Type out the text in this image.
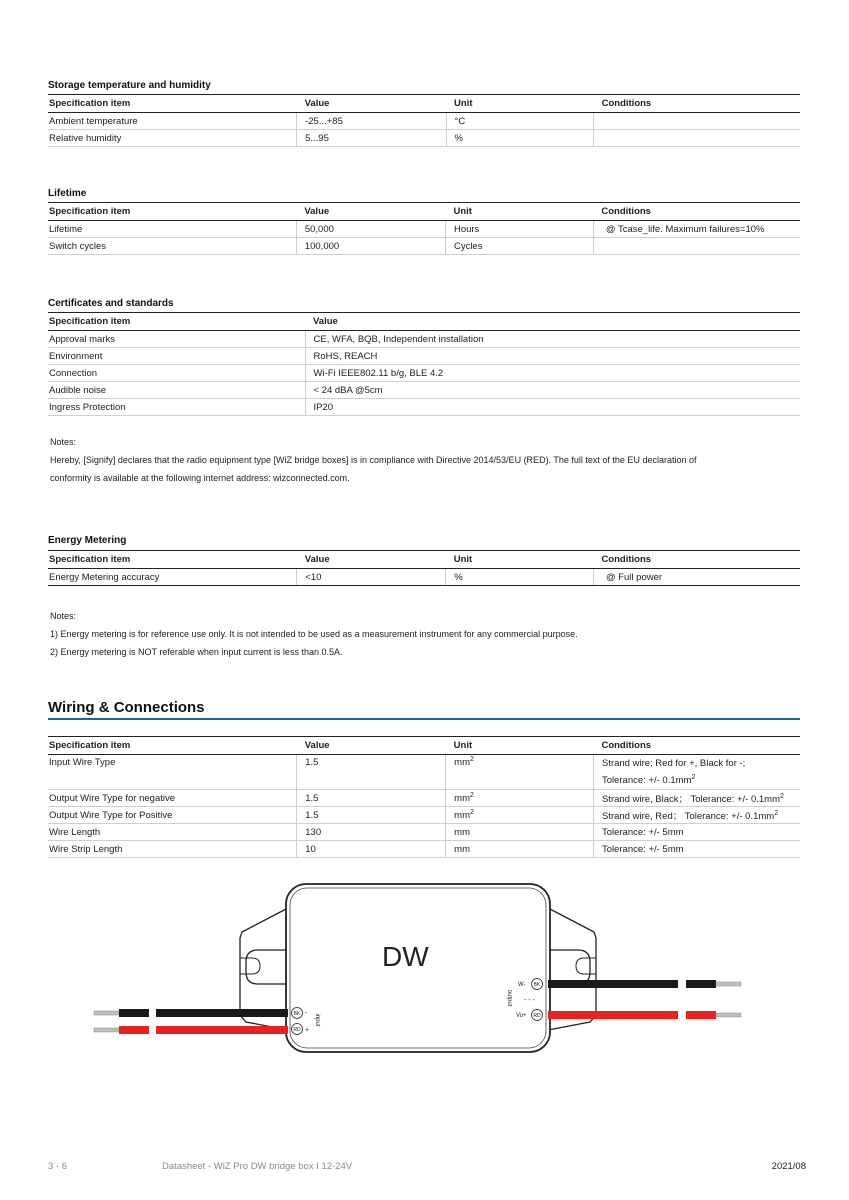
Storage temperature and humidity
Specification item	Value	Unit	Conditions
Ambient temperature	-25...+85	°C	
Relative humidity	5...95	%	
Lifetime
Specification item	Value	Unit	Conditions
Lifetime	50,000	Hours	@ Tcase_life. Maximum failures=10%
Switch cycles	100,000	Cycles	
Certificates and standards
Specification item	Value
Approval marks	CE, WFA, BQB, Independent installation
Environment	RoHS, REACH
Connection	Wi-Fi IEEE802.11 b/g, BLE 4.2
Audible noise	< 24 dBA @5cm
Ingress Protection	IP20

Notes:

Hereby, [Signify] declares that the radio equipment type [WiZ bridge boxes] is in compliance with Directive 2014/53/EU (RED). The full text of the EU declaration of

conformity is available at the following internet address: wizconnected.com.

Energy Metering
Specification item	Value	Unit	Conditions
Energy Metering accuracy	<10	%	@ Full power

Notes:

1) Energy metering is for reference use only. It is not intended to be used as a measurement instrument for any commercial purpose.

2) Energy metering is NOT referable when input current is less than 0.5A.

Wiring & Connections
Specification item	Value	Unit	Conditions
Input Wire Type	1.5	$mm^2$	Strand wire; Red for +, Black for -;
Tolerance: +/- $0.1mm^2$
Output Wire Type for negative	1.5	$mm^2$	Strand wire, Black； Tolerance: +/- $0.1mm^2$
Output Wire Type for Positive	1.5	$mm^2$	Strand wire, Red； Tolerance: +/- $0.1mm^2$
Wire Length	130	mm	Tolerance: +/- 5mm
Wire Strip Length	10	mm	Tolerance: +/- 5mm
DW
BK
RD
-
+
input
output
W- BK
- - -
Vo+ RD
3 - 6	Datasheet - WiZ Pro DW bridge box I 12-24V	2021/08
